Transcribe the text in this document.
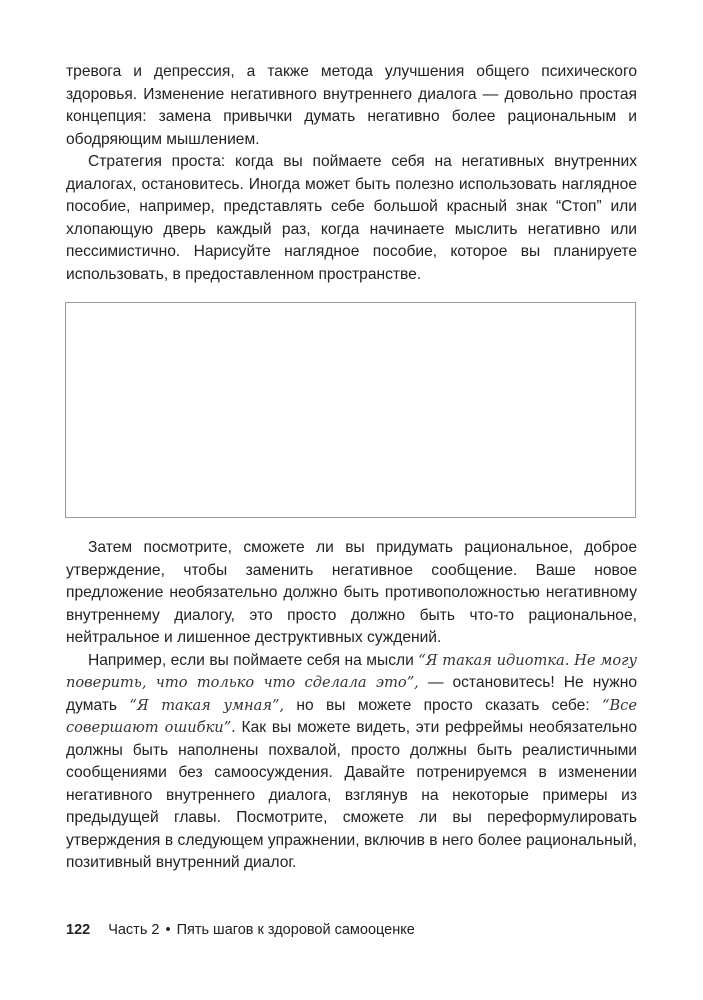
тревога и депрессия, а также метода улучшения общего психического здоровья. Изменение негативного внутреннего диалога — довольно простая концепция: замена привычки думать негативно более рациональным и ободряющим мышлением.

Стратегия проста: когда вы поймаете себя на негативных внутренних диалогах, остановитесь. Иногда может быть полезно использовать наглядное пособие, например, представлять себе большой красный знак “Стоп” или хлопающую дверь каждый раз, когда начинаете мыслить негативно или пессимистично. Нарисуйте наглядное пособие, которое вы планируете использовать, в предоставленном пространстве.

Затем посмотрите, сможете ли вы придумать рациональное, доброе утверждение, чтобы заменить негативное сообщение. Ваше новое предложение необязательно должно быть противоположностью негативному внутреннему диалогу, это просто должно быть что-то рациональное, нейтральное и лишенное деструктивных суждений.

Например, если вы поймаете себя на мысли “Я такая идиотка. Не могу поверить, что только что сделала это”, — остановитесь! Не нужно думать “Я такая умная”, но вы можете просто сказать себе: “Все совершают ошибки”. Как вы можете видеть, эти рефреймы необязательно должны быть наполнены похвалой, просто должны быть реалистичными сообщениями без самоосуждения. Давайте потренируемся в изменении негативного внутреннего диалога, взглянув на некоторые примеры из предыдущей главы. Посмотрите, сможете ли вы переформулировать утверждения в следующем упражнении, включив в него более рациональный, позитивный внутренний диалог.

122 Часть 2 • Пять шагов к здоровой самооценке
